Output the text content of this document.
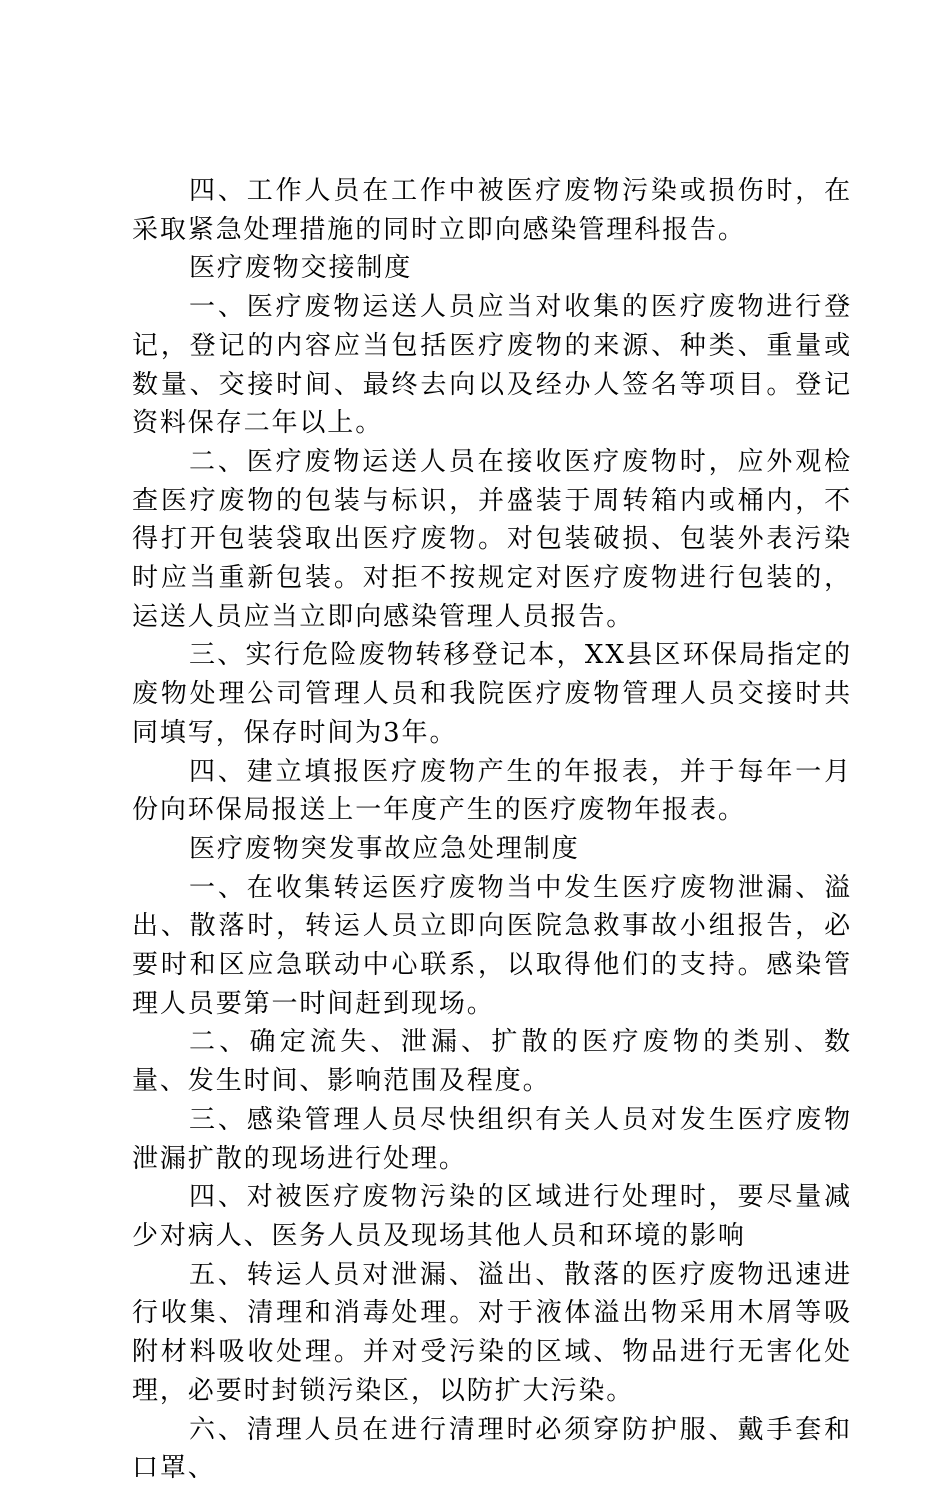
四、工作人员在工作中被医疗废物污染或损伤时，在采取紧急处理措施的同时立即向感染管理科报告。

医疗废物交接制度

一、医疗废物运送人员应当对收集的医疗废物进行登记，登记的内容应当包括医疗废物的来源、种类、重量或数量、交接时间、最终去向以及经办人签名等项目。登记资料保存二年以上。

二、医疗废物运送人员在接收医疗废物时，应外观检查医疗废物的包装与标识，并盛装于周转箱内或桶内，不得打开包装袋取出医疗废物。对包装破损、包装外表污染时应当重新包装。对拒不按规定对医疗废物进行包装的，运送人员应当立即向感染管理人员报告。

三、实行危险废物转移登记本，XX县区环保局指定的废物处理公司管理人员和我院医疗废物管理人员交接时共同填写，保存时间为3年。

四、建立填报医疗废物产生的年报表，并于每年一月份向环保局报送上一年度产生的医疗废物年报表。

医疗废物突发事故应急处理制度

一、在收集转运医疗废物当中发生医疗废物泄漏、溢出、散落时，转运人员立即向医院急救事故小组报告，必要时和区应急联动中心联系，以取得他们的支持。感染管理人员要第一时间赶到现场。

二、确定流失、泄漏、扩散的医疗废物的类别、数量、发生时间、影响范围及程度。

三、感染管理人员尽快组织有关人员对发生医疗废物泄漏扩散的现场进行处理。

四、对被医疗废物污染的区域进行处理时，要尽量减少对病人、医务人员及现场其他人员和环境的影响

五、转运人员对泄漏、溢出、散落的医疗废物迅速进行收集、清理和消毒处理。对于液体溢出物采用木屑等吸附材料吸收处理。并对受污染的区域、物品进行无害化处理，必要时封锁污染区，以防扩大污染。

六、清理人员在进行清理时必须穿防护服、戴手套和口罩、
